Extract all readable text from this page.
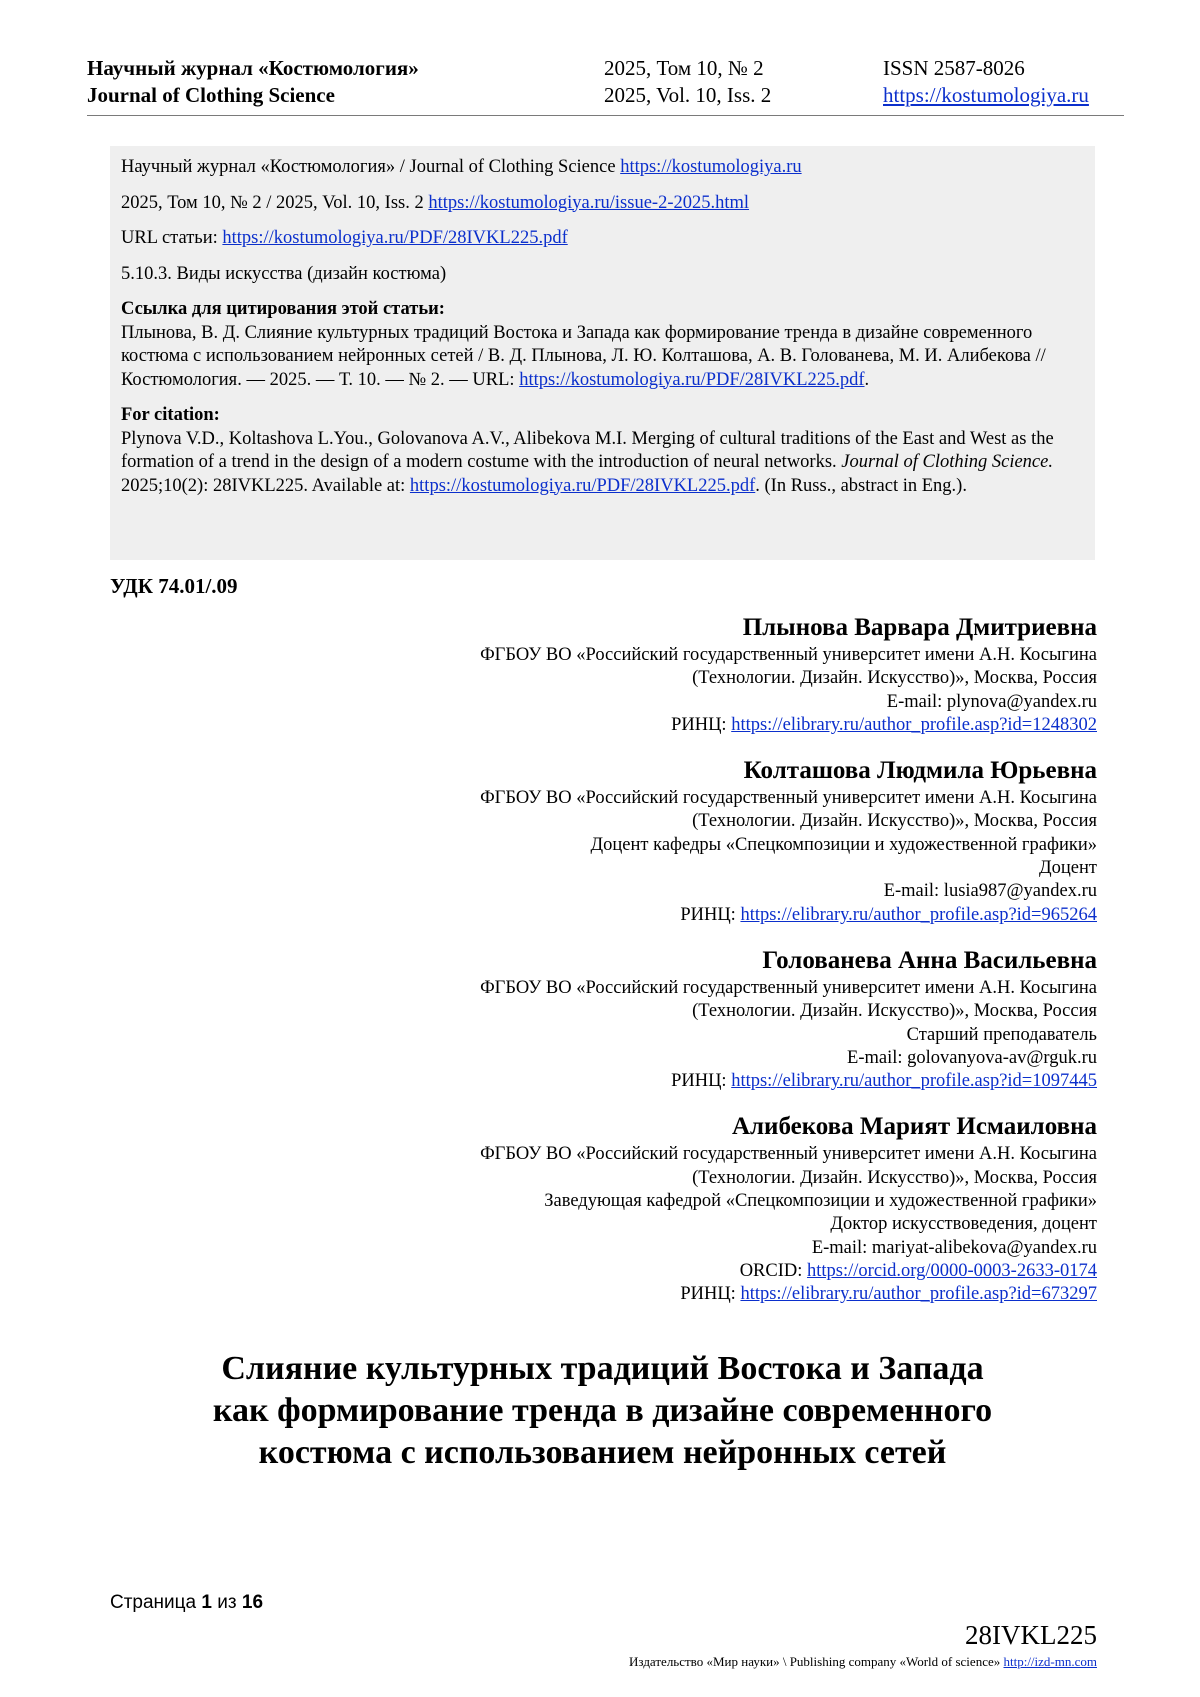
Научный журнал «Костюмология»
Journal of Clothing Science
2025, Том 10, № 2
2025, Vol. 10, Iss. 2
ISSN 2587-8026
https://kostumologiya.ru

Научный журнал «Костюмология» / Journal of Clothing Science https://kostumologiya.ru

2025, Том 10, № 2 / 2025, Vol. 10, Iss. 2 https://kostumologiya.ru/issue-2-2025.html

URL статьи: https://kostumologiya.ru/PDF/28IVKL225.pdf

5.10.3. Виды искусства (дизайн костюма)

Ссылка для цитирования этой статьи:
Плынова, В. Д. Слияние культурных традиций Востока и Запада как формирование тренда в дизайне современного костюма с использованием нейронных сетей / В. Д. Плынова, Л. Ю. Колташова, А. В. Голованева, М. И. Алибекова // Костюмология. — 2025. — Т. 10. — № 2. — URL: https://kostumologiya.ru/PDF/28IVKL225.pdf.
For citation:
Plynova V.D., Koltashova L.You., Golovanova A.V., Alibekova M.I. Merging of cultural traditions of the East and West as the formation of a trend in the design of a modern costume with the introduction of neural networks. Journal of Clothing Science. 2025;10(2): 28IVKL225. Available at: https://kostumologiya.ru/PDF/28IVKL225.pdf. (In Russ., abstract in Eng.).
УДК 74.01/.09
Плынова Варвара Дмитриевна
ФГБОУ ВО «Российский государственный университет имени А.Н. Косыгина
(Технологии. Дизайн. Искусство)», Москва, Россия
E-mail: plynova@yandex.ru
РИНЦ: https://elibrary.ru/author_profile.asp?id=1248302
Колташова Людмила Юрьевна
ФГБОУ ВО «Российский государственный университет имени А.Н. Косыгина
(Технологии. Дизайн. Искусство)», Москва, Россия
Доцент кафедры «Спецкомпозиции и художественной графики»
Доцент
E-mail: lusia987@yandex.ru
РИНЦ: https://elibrary.ru/author_profile.asp?id=965264
Голованева Анна Васильевна
ФГБОУ ВО «Российский государственный университет имени А.Н. Косыгина
(Технологии. Дизайн. Искусство)», Москва, Россия
Старший преподаватель
E-mail: golovanyova-av@rguk.ru
РИНЦ: https://elibrary.ru/author_profile.asp?id=1097445
Алибекова Марият Исмаиловна
ФГБОУ ВО «Российский государственный университет имени А.Н. Косыгина
(Технологии. Дизайн. Искусство)», Москва, Россия
Заведующая кафедрой «Спецкомпозиции и художественной графики»
Доктор искусствоведения, доцент
E-mail: mariyat-alibekova@yandex.ru
ORCID: https://orcid.org/0000-0003-2633-0174
РИНЦ: https://elibrary.ru/author_profile.asp?id=673297
Слияние культурных традиций Востока и Запада
как формирование тренда в дизайне современного
костюма с использованием нейронных сетей
Страница 1 из 16
28IVKL225
Издательство «Мир науки» \ Publishing company «World of science» http://izd-mn.com
